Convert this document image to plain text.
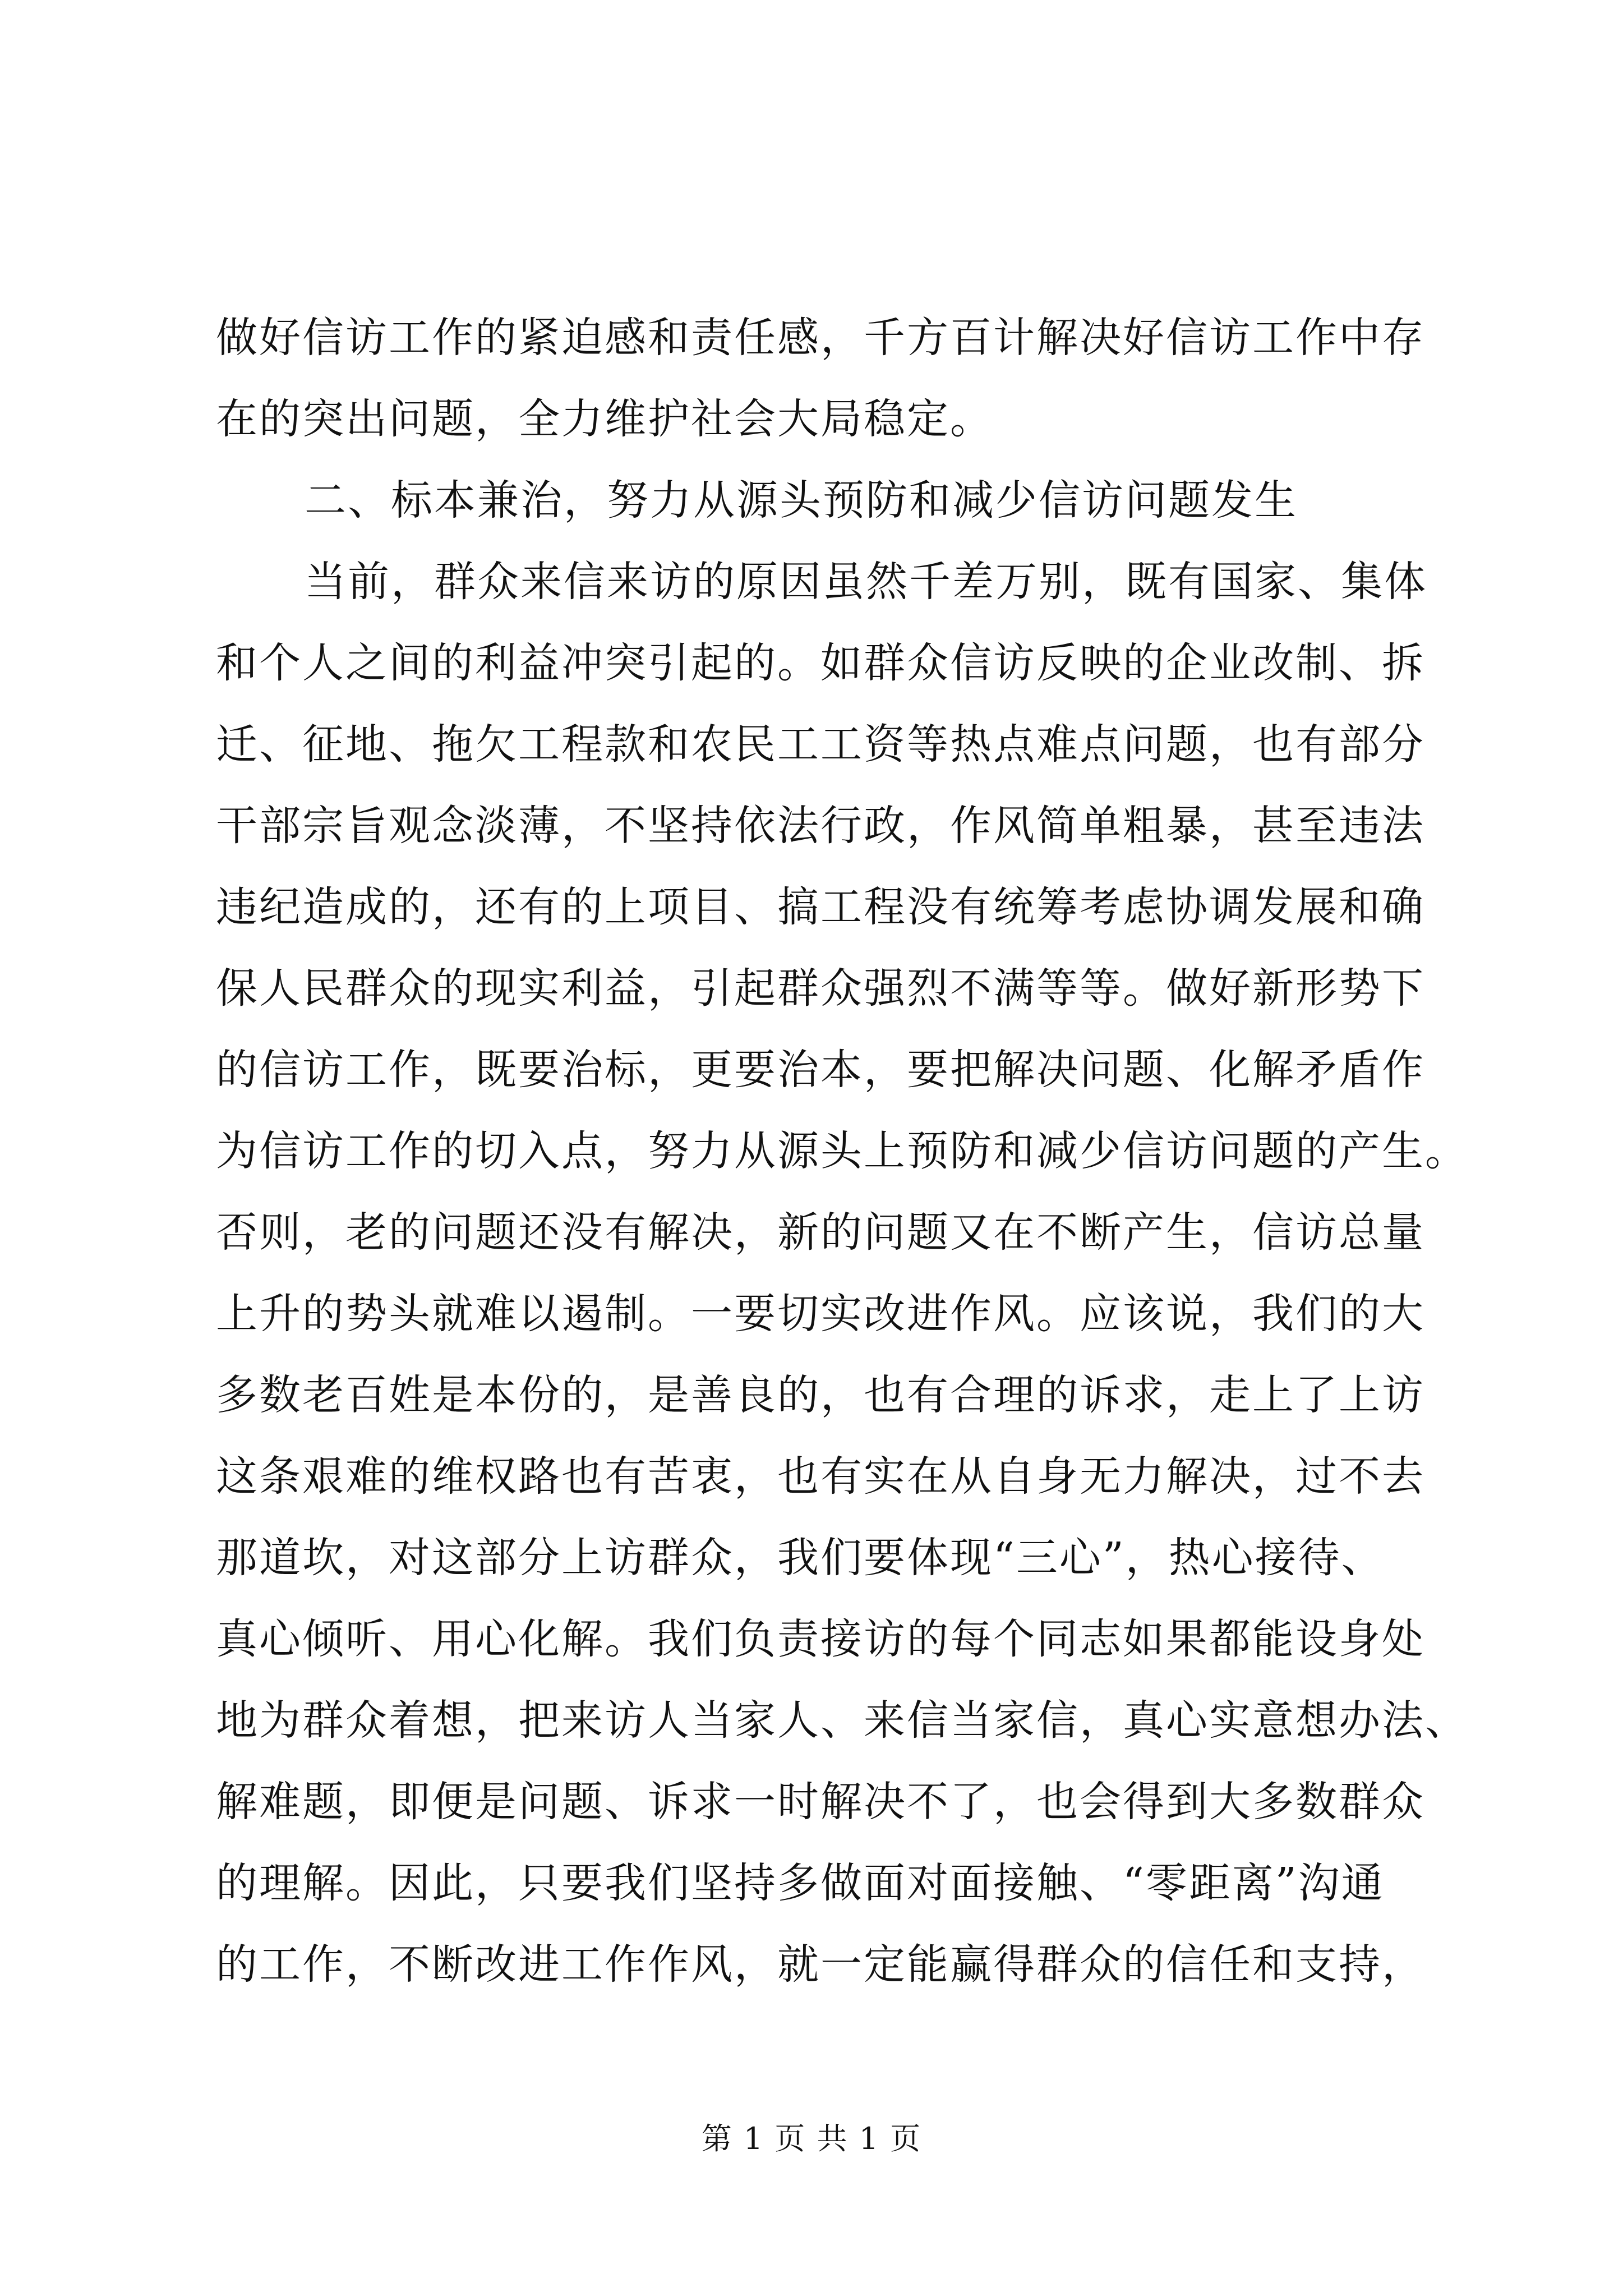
做好信访工作的紧迫感和责任感，千方百计解决好信访工作中存
在的突出问题，全力维护社会大局稳定。
二、标本兼治，努力从源头预防和减少信访问题发生
当前，群众来信来访的原因虽然千差万别，既有国家、集体
和个人之间的利益冲突引起的。如群众信访反映的企业改制、拆
迁、征地、拖欠工程款和农民工工资等热点难点问题，也有部分
干部宗旨观念淡薄，不坚持依法行政，作风简单粗暴，甚至违法
违纪造成的，还有的上项目、搞工程没有统筹考虑协调发展和确
保人民群众的现实利益，引起群众强烈不满等等。做好新形势下
的信访工作，既要治标，更要治本，要把解决问题、化解矛盾作
为信访工作的切入点，努力从源头上预防和减少信访问题的产生。
否则，老的问题还没有解决，新的问题又在不断产生，信访总量
上升的势头就难以遏制。一要切实改进作风。应该说，我们的大
多数老百姓是本份的，是善良的，也有合理的诉求，走上了上访
这条艰难的维权路也有苦衷，也有实在从自身无力解决，过不去
那道坎，对这部分上访群众，我们要体现“三心”，热心接待、
真心倾听、用心化解。我们负责接访的每个同志如果都能设身处
地为群众着想，把来访人当家人、来信当家信，真心实意想办法、
解难题，即便是问题、诉求一时解决不了，也会得到大多数群众
的理解。因此，只要我们坚持多做面对面接触、“零距离”沟通
的工作，不断改进工作作风，就一定能赢得群众的信任和支持，
第 1 页 共 1 页
